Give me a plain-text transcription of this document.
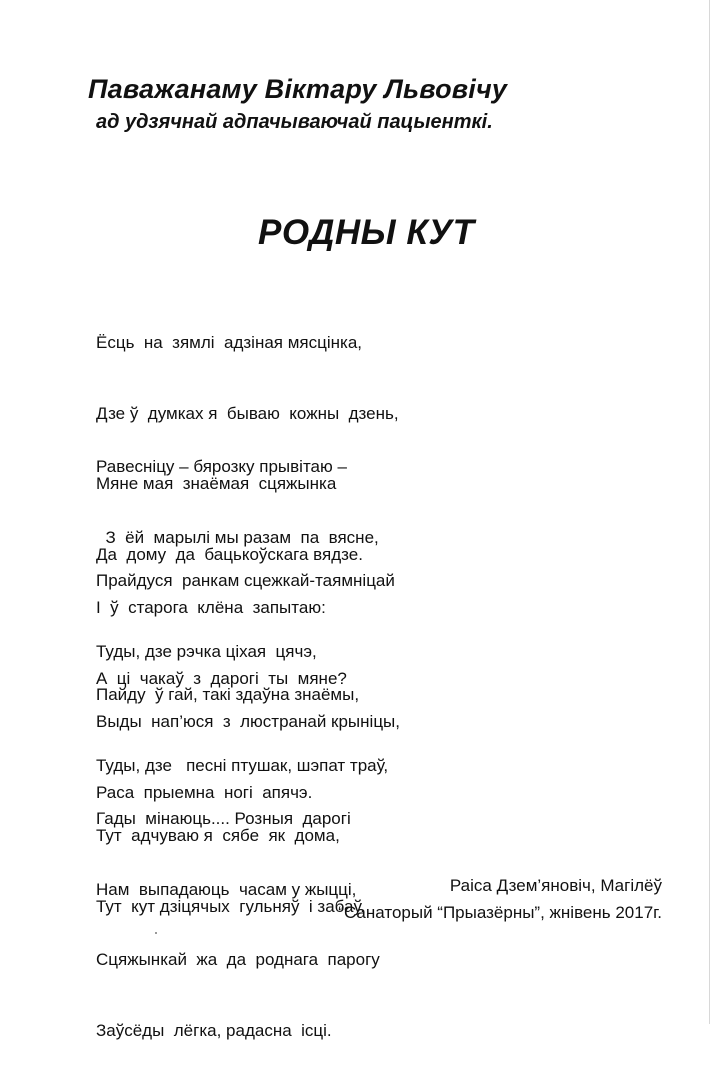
Паважанаму Віктару Львовічу
ад удзячнай адпачываючай пацыенткі.
РОДНЫ КУТ

Ёсць  на  зямлі  адзіная мясцінка,

Дзе ў  думках я  бываю  кожны  дзень,

Мяне мая  знаёмая  сцяжынка

Да  дому  да  бацькоўскага вядзе.

Равесніцу – бярозку прывітаю –

З  ёй  марылі мы разам  па  вясне,

І  ў  старога  клёна  запытаю:

А  ці  чакаў  з  дарогі  ты  мяне?

Прайдуся  ранкам сцежкай-таямніцай

Туды, дзе рэчка ціхая  цячэ,

Выды  нап’юся  з  люстранай крыніцы,

Раса  прыемна  ногі  апячэ.

Пайду  ў гай, такі здаўна знаёмы,

Туды, дзе   песні птушак, шэпат траў,

Тут  адчуваю я  сябе  як  дома,

Тут  кут дзіцячых  гульняў  і забаў.

Гады  мінаюць.... Розныя  дарогі

Нам  выпадаюць  часам у жыцці,

Сцяжынкай  жа  да  роднага  парогу

Заўсёды  лёгка, радасна  ісці.

Раіса Дзем’яновіч, Магілёў
“Санаторый “Прыазёрны”, жнівень 2017г.
